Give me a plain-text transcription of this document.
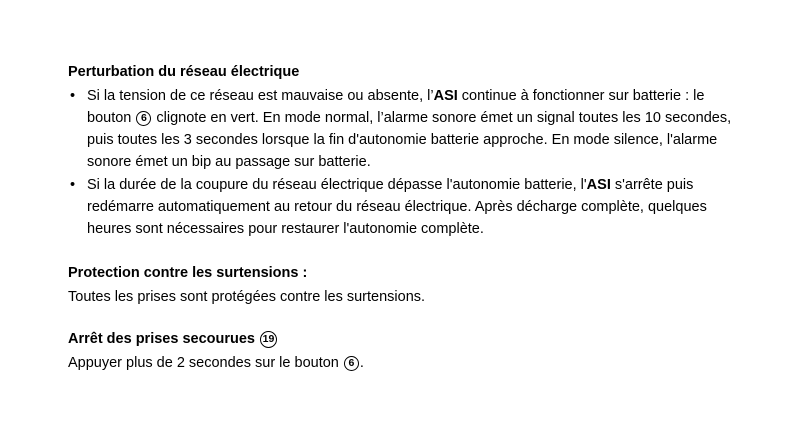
Perturbation du réseau électrique
• Si la tension de ce réseau est mauvaise ou absente, l’ASI continue à fonctionner sur batterie : le bouton 6 clignote en vert. En mode normal, l’alarme sonore émet un signal toutes les 10 secondes, puis toutes les 3 secondes lorsque la fin d'autonomie batterie approche. En mode silence, l'alarme sonore émet un bip au passage sur batterie.
• Si la durée de la coupure du réseau électrique dépasse l'autonomie batterie, l'ASI s'arrête puis redémarre automatiquement au retour du réseau électrique. Après décharge complète, quelques heures sont nécessaires pour restaurer l'autonomie complète.
Protection contre les surtensions :

Toutes les prises sont protégées contre les surtensions.

Arrêt des prises secourues 19

Appuyer plus de 2 secondes sur le bouton 6 .
